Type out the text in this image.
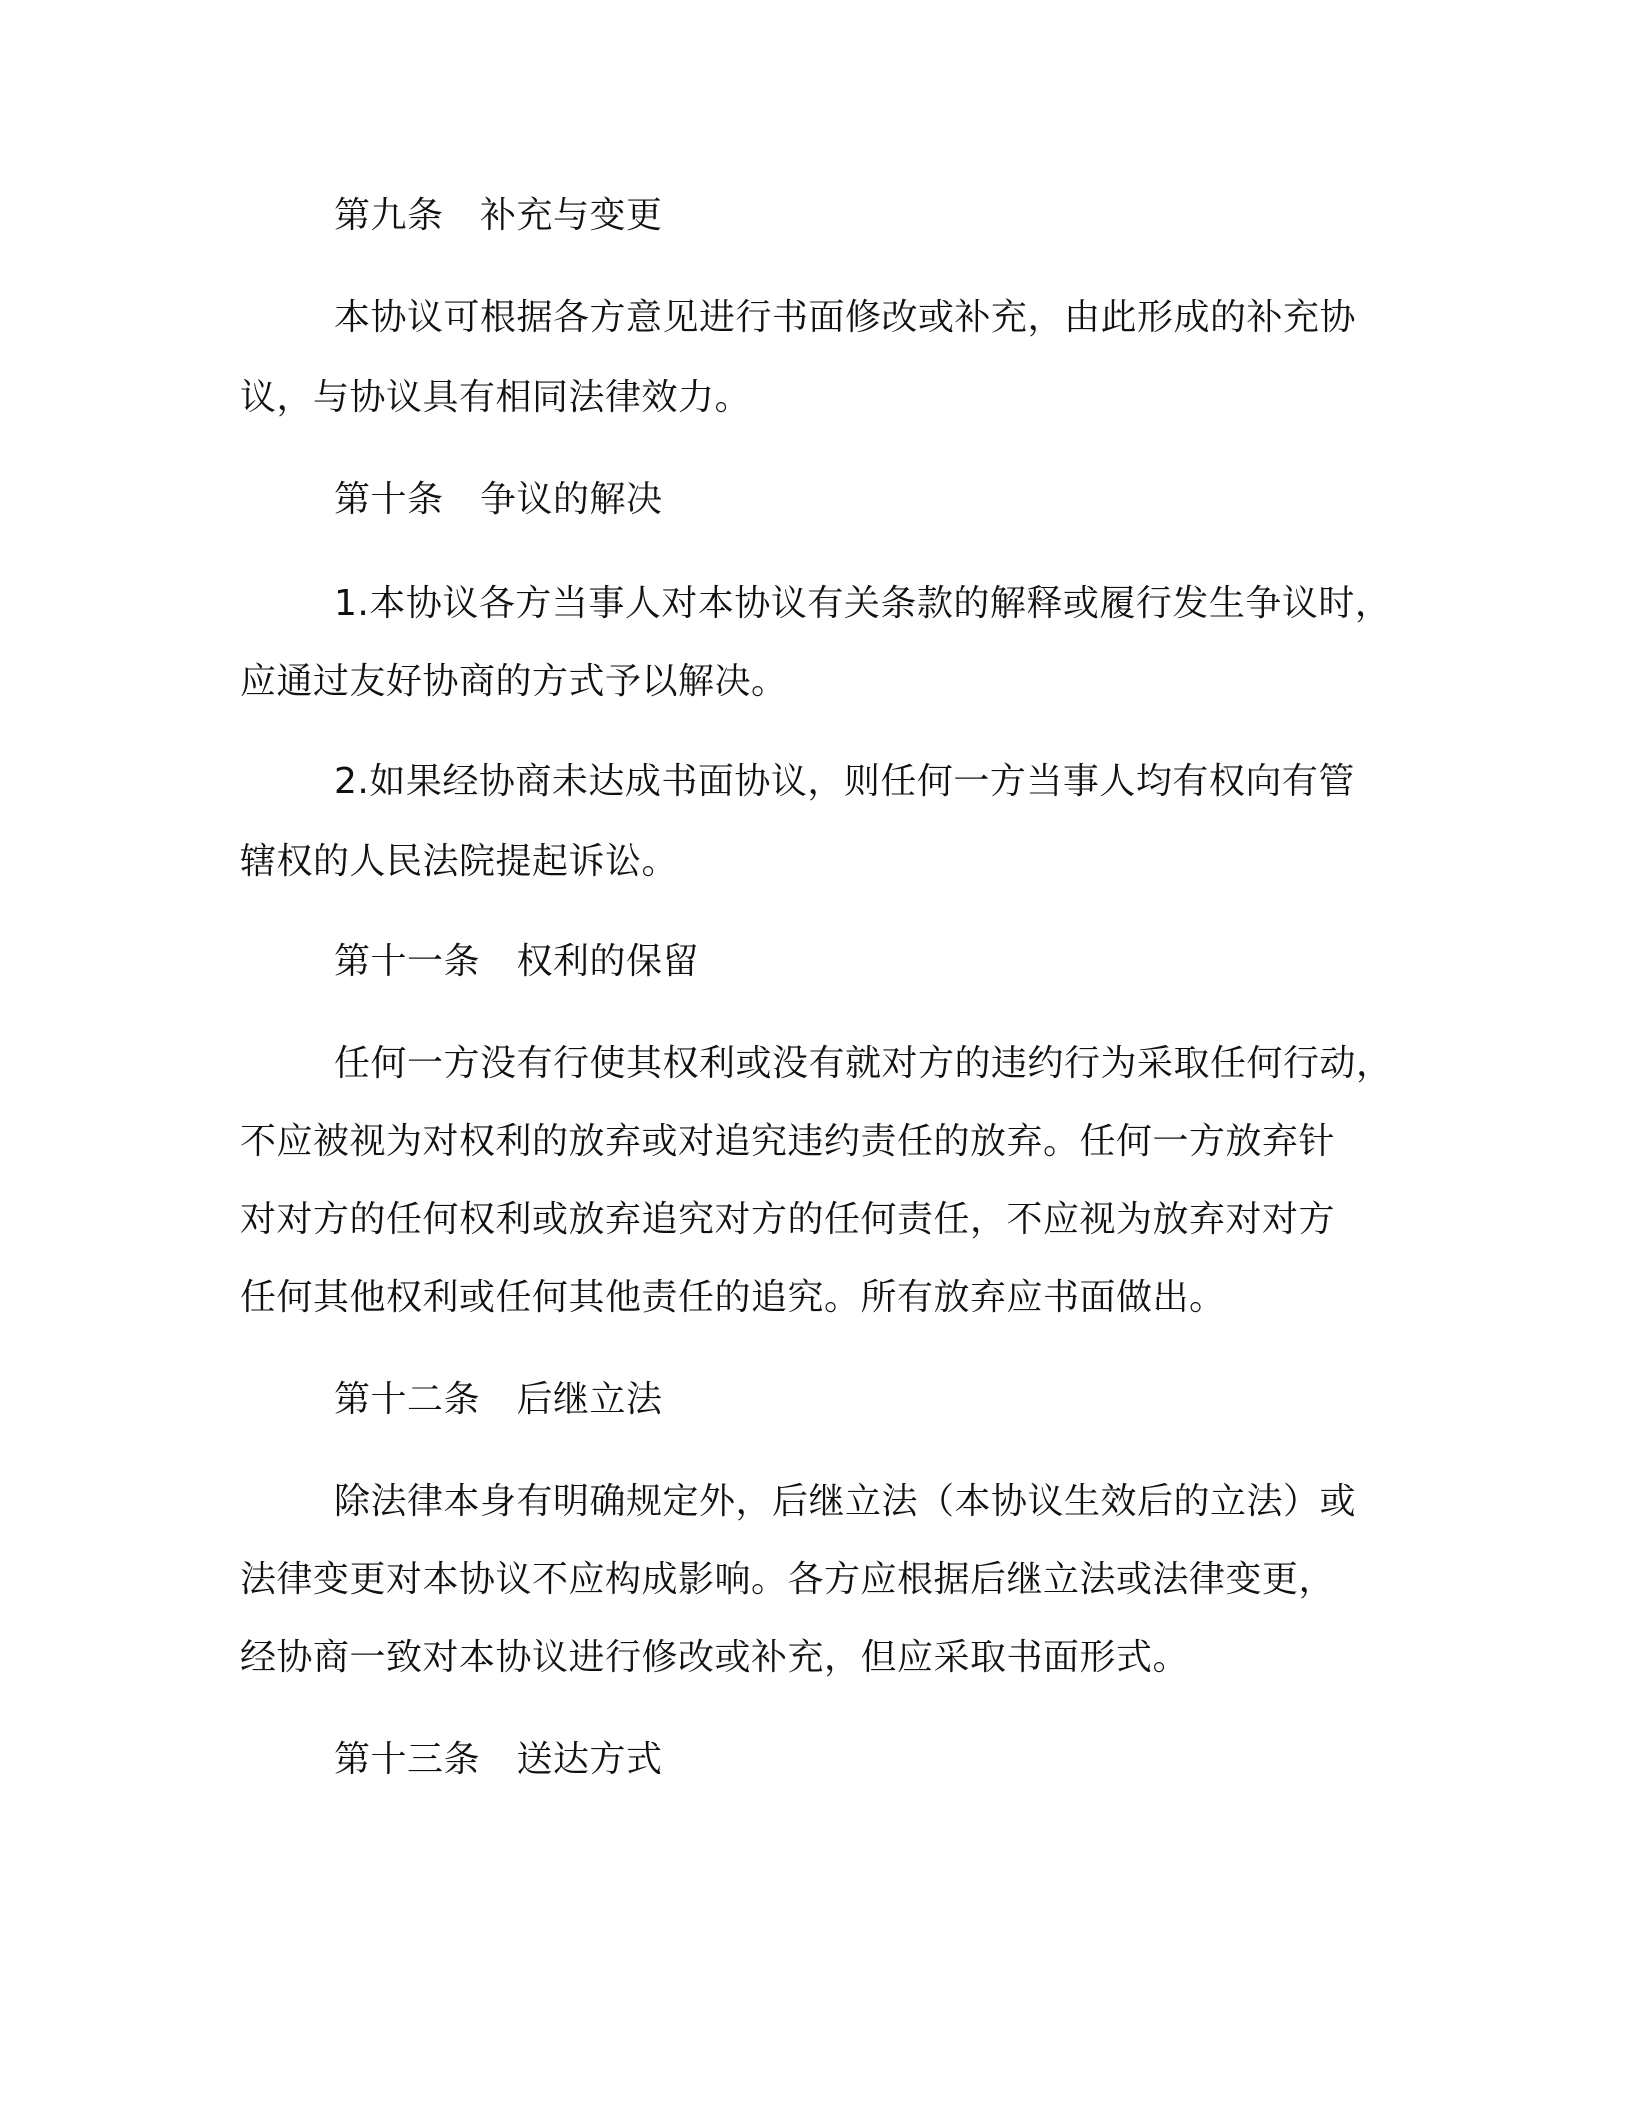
第九条　补充与变更
本协议可根据各方意见进行书面修改或补充，由此形成的补充协
议，与协议具有相同法律效力。
第十条　争议的解决
1.本协议各方当事人对本协议有关条款的解释或履行发生争议时，
应通过友好协商的方式予以解决。
2.如果经协商未达成书面协议，则任何一方当事人均有权向有管
辖权的人民法院提起诉讼。
第十一条　权利的保留
任何一方没有行使其权利或没有就对方的违约行为采取任何行动，
不应被视为对权利的放弃或对追究违约责任的放弃。任何一方放弃针
对对方的任何权利或放弃追究对方的任何责任，不应视为放弃对对方
任何其他权利或任何其他责任的追究。所有放弃应书面做出。
第十二条　后继立法
除法律本身有明确规定外，后继立法（本协议生效后的立法）或
法律变更对本协议不应构成影响。各方应根据后继立法或法律变更，
经协商一致对本协议进行修改或补充，但应采取书面形式。
第十三条　送达方式
